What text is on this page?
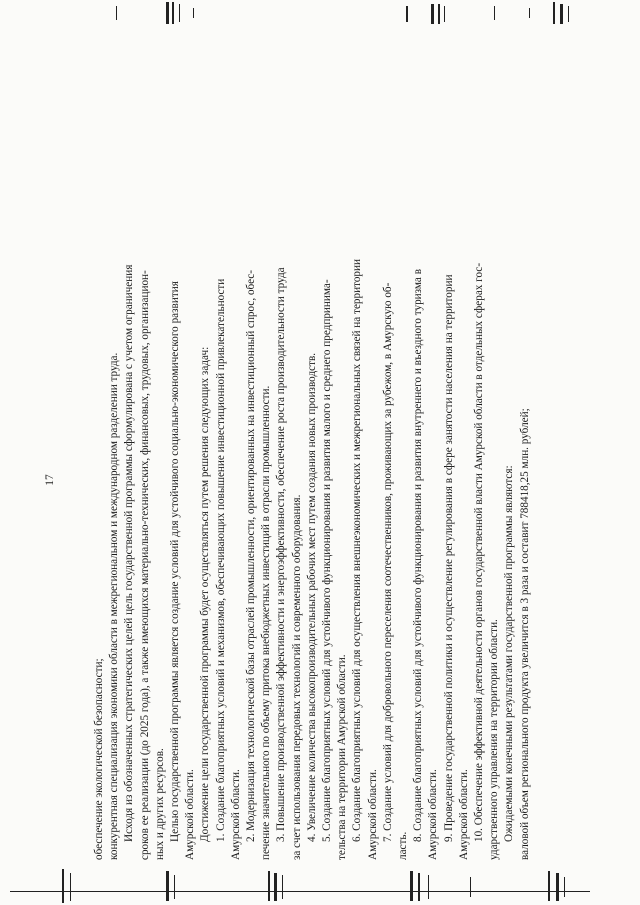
17
обеспечение экологической безопасности; конкурентная специализация экономики области в межрегиональном и международном разделении труда. Исходя из обозначенных стратегических целей цель государственной программы сформулирована с учетом ограничения сроков ее реализации (до 2025 года), а также имеющихся материально-технических, финансовых, трудовых, организацион- ных и других ресурсов. Целью государственной программы является создание условий для устойчивого социально-экономического развития Амурской области. Достижение цели государственной программы будет осуществляться путем решения следующих задач: 1. Создание благоприятных условий и механизмов, обеспечивающих повышение инвестиционной привлекательности Амурской области. 2. Модернизация технологической базы отраслей промышленности, ориентированных на инвестиционный спрос, обес- печение значительного по объему притока внебюджетных инвестиций в отрасли промышленности. 3. Повышение производственной эффективности и энергоэффективности, обеспечение роста производительности труда за счет использования передовых технологий и современного оборудования. 4. Увеличение количества высокопроизводительных рабочих мест путем создания новых производств. 5. Создание благоприятных условий для устойчивого функционирования и развития малого и среднего предпринима- тельства на территории Амурской области. 6. Создание благоприятных условий для осуществления внешнеэкономических и межрегиональных связей на территории Амурской области. 7. Создание условий для добровольного переселения соотечественников, проживающих за рубежом, в Амурскую об-
ласть.
8. Создание благоприятных условий для устойчивого функционирования и развития внутреннего и въездного туризма в Амурской области. 9. Проведение государственной политики и осуществление регулирования в сфере занятости населения на территории Амурской области. 10. Обеспечение эффективной деятельности органов государственной власти Амурской области в отдельных сферах гос- ударственного управления на территории области. Ожидаемыми конечными результатами государственной программы являются: валовой объем регионального продукта увеличится в 3 раза и составит 788418,25 млн. рублей;
